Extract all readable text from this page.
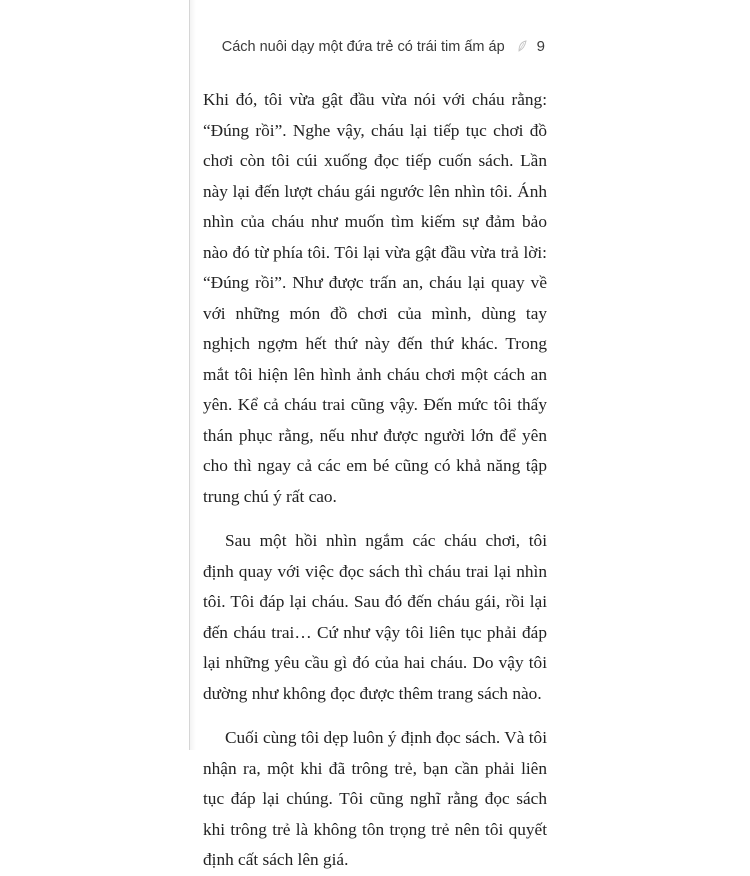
Cách nuôi dạy một đứa trẻ có trái tim ấm áp 9

Khi đó, tôi vừa gật đầu vừa nói với cháu rằng: “Đúng rồi”. Nghe vậy, cháu lại tiếp tục chơi đồ chơi còn tôi cúi xuống đọc tiếp cuốn sách. Lần này lại đến lượt cháu gái ngước lên nhìn tôi. Ánh nhìn của cháu như muốn tìm kiếm sự đảm bảo nào đó từ phía tôi. Tôi lại vừa gật đầu vừa trả lời: “Đúng rồi”. Như được trấn an, cháu lại quay về với những món đồ chơi của mình, dùng tay nghịch ngợm hết thứ này đến thứ khác. Trong mắt tôi hiện lên hình ảnh cháu chơi một cách an yên. Kể cả cháu trai cũng vậy. Đến mức tôi thấy thán phục rằng, nếu như được người lớn để yên cho thì ngay cả các em bé cũng có khả năng tập trung chú ý rất cao.

Sau một hồi nhìn ngắm các cháu chơi, tôi định quay với việc đọc sách thì cháu trai lại nhìn tôi. Tôi đáp lại cháu. Sau đó đến cháu gái, rồi lại đến cháu trai… Cứ như vậy tôi liên tục phải đáp lại những yêu cầu gì đó của hai cháu. Do vậy tôi dường như không đọc được thêm trang sách nào.

Cuối cùng tôi dẹp luôn ý định đọc sách. Và tôi nhận ra, một khi đã trông trẻ, bạn cần phải liên tục đáp lại chúng. Tôi cũng nghĩ rằng đọc sách khi trông trẻ là không tôn trọng trẻ nên tôi quyết định cất sách lên giá.
